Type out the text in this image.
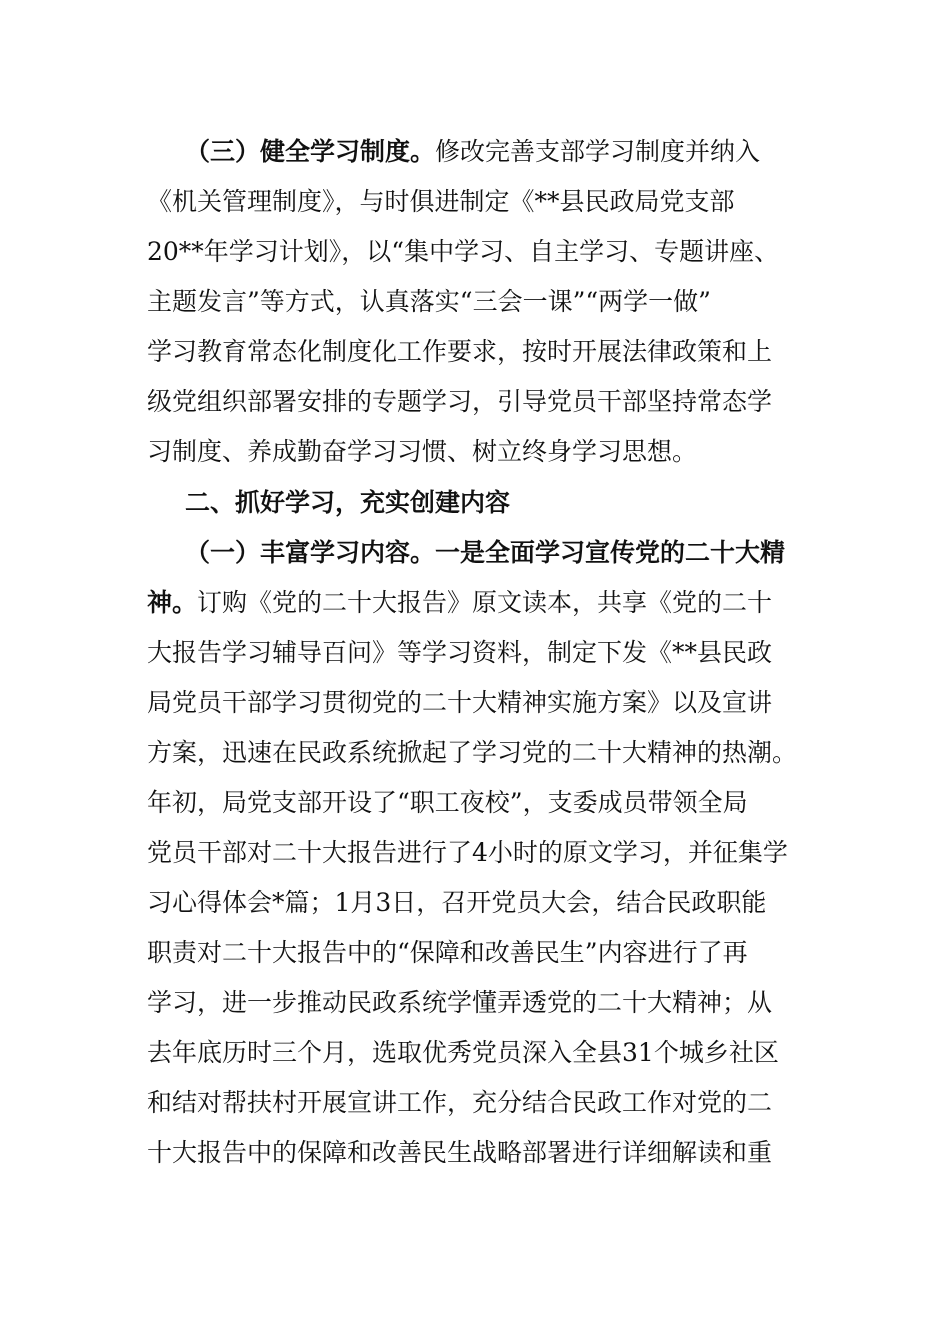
（三）健全学习制度。修改完善支部学习制度并纳入
《机关管理制度》，与时俱进制定《**县民政局党支部
20**年学习计划》，以“集中学习、自主学习、专题讲座、
主题发言”等方式，认真落实“三会一课”“两学一做”
学习教育常态化制度化工作要求，按时开展法律政策和上
级党组织部署安排的专题学习，引导党员干部坚持常态学
习制度、养成勤奋学习习惯、树立终身学习思想。
二、抓好学习，充实创建内容
（一）丰富学习内容。一是全面学习宣传党的二十大精
神。订购《党的二十大报告》原文读本，共享《党的二十
大报告学习辅导百问》等学习资料，制定下发《**县民政
局党员干部学习贯彻党的二十大精神实施方案》以及宣讲
方案，迅速在民政系统掀起了学习党的二十大精神的热潮。
年初，局党支部开设了“职工夜校”，支委成员带领全局
党员干部对二十大报告进行了4小时的原文学习，并征集学
习心得体会*篇；1月3日，召开党员大会，结合民政职能
职责对二十大报告中的“保障和改善民生”内容进行了再
学习，进一步推动民政系统学懂弄透党的二十大精神；从
去年底历时三个月，选取优秀党员深入全县31个城乡社区
和结对帮扶村开展宣讲工作，充分结合民政工作对党的二
十大报告中的保障和改善民生战略部署进行详细解读和重
